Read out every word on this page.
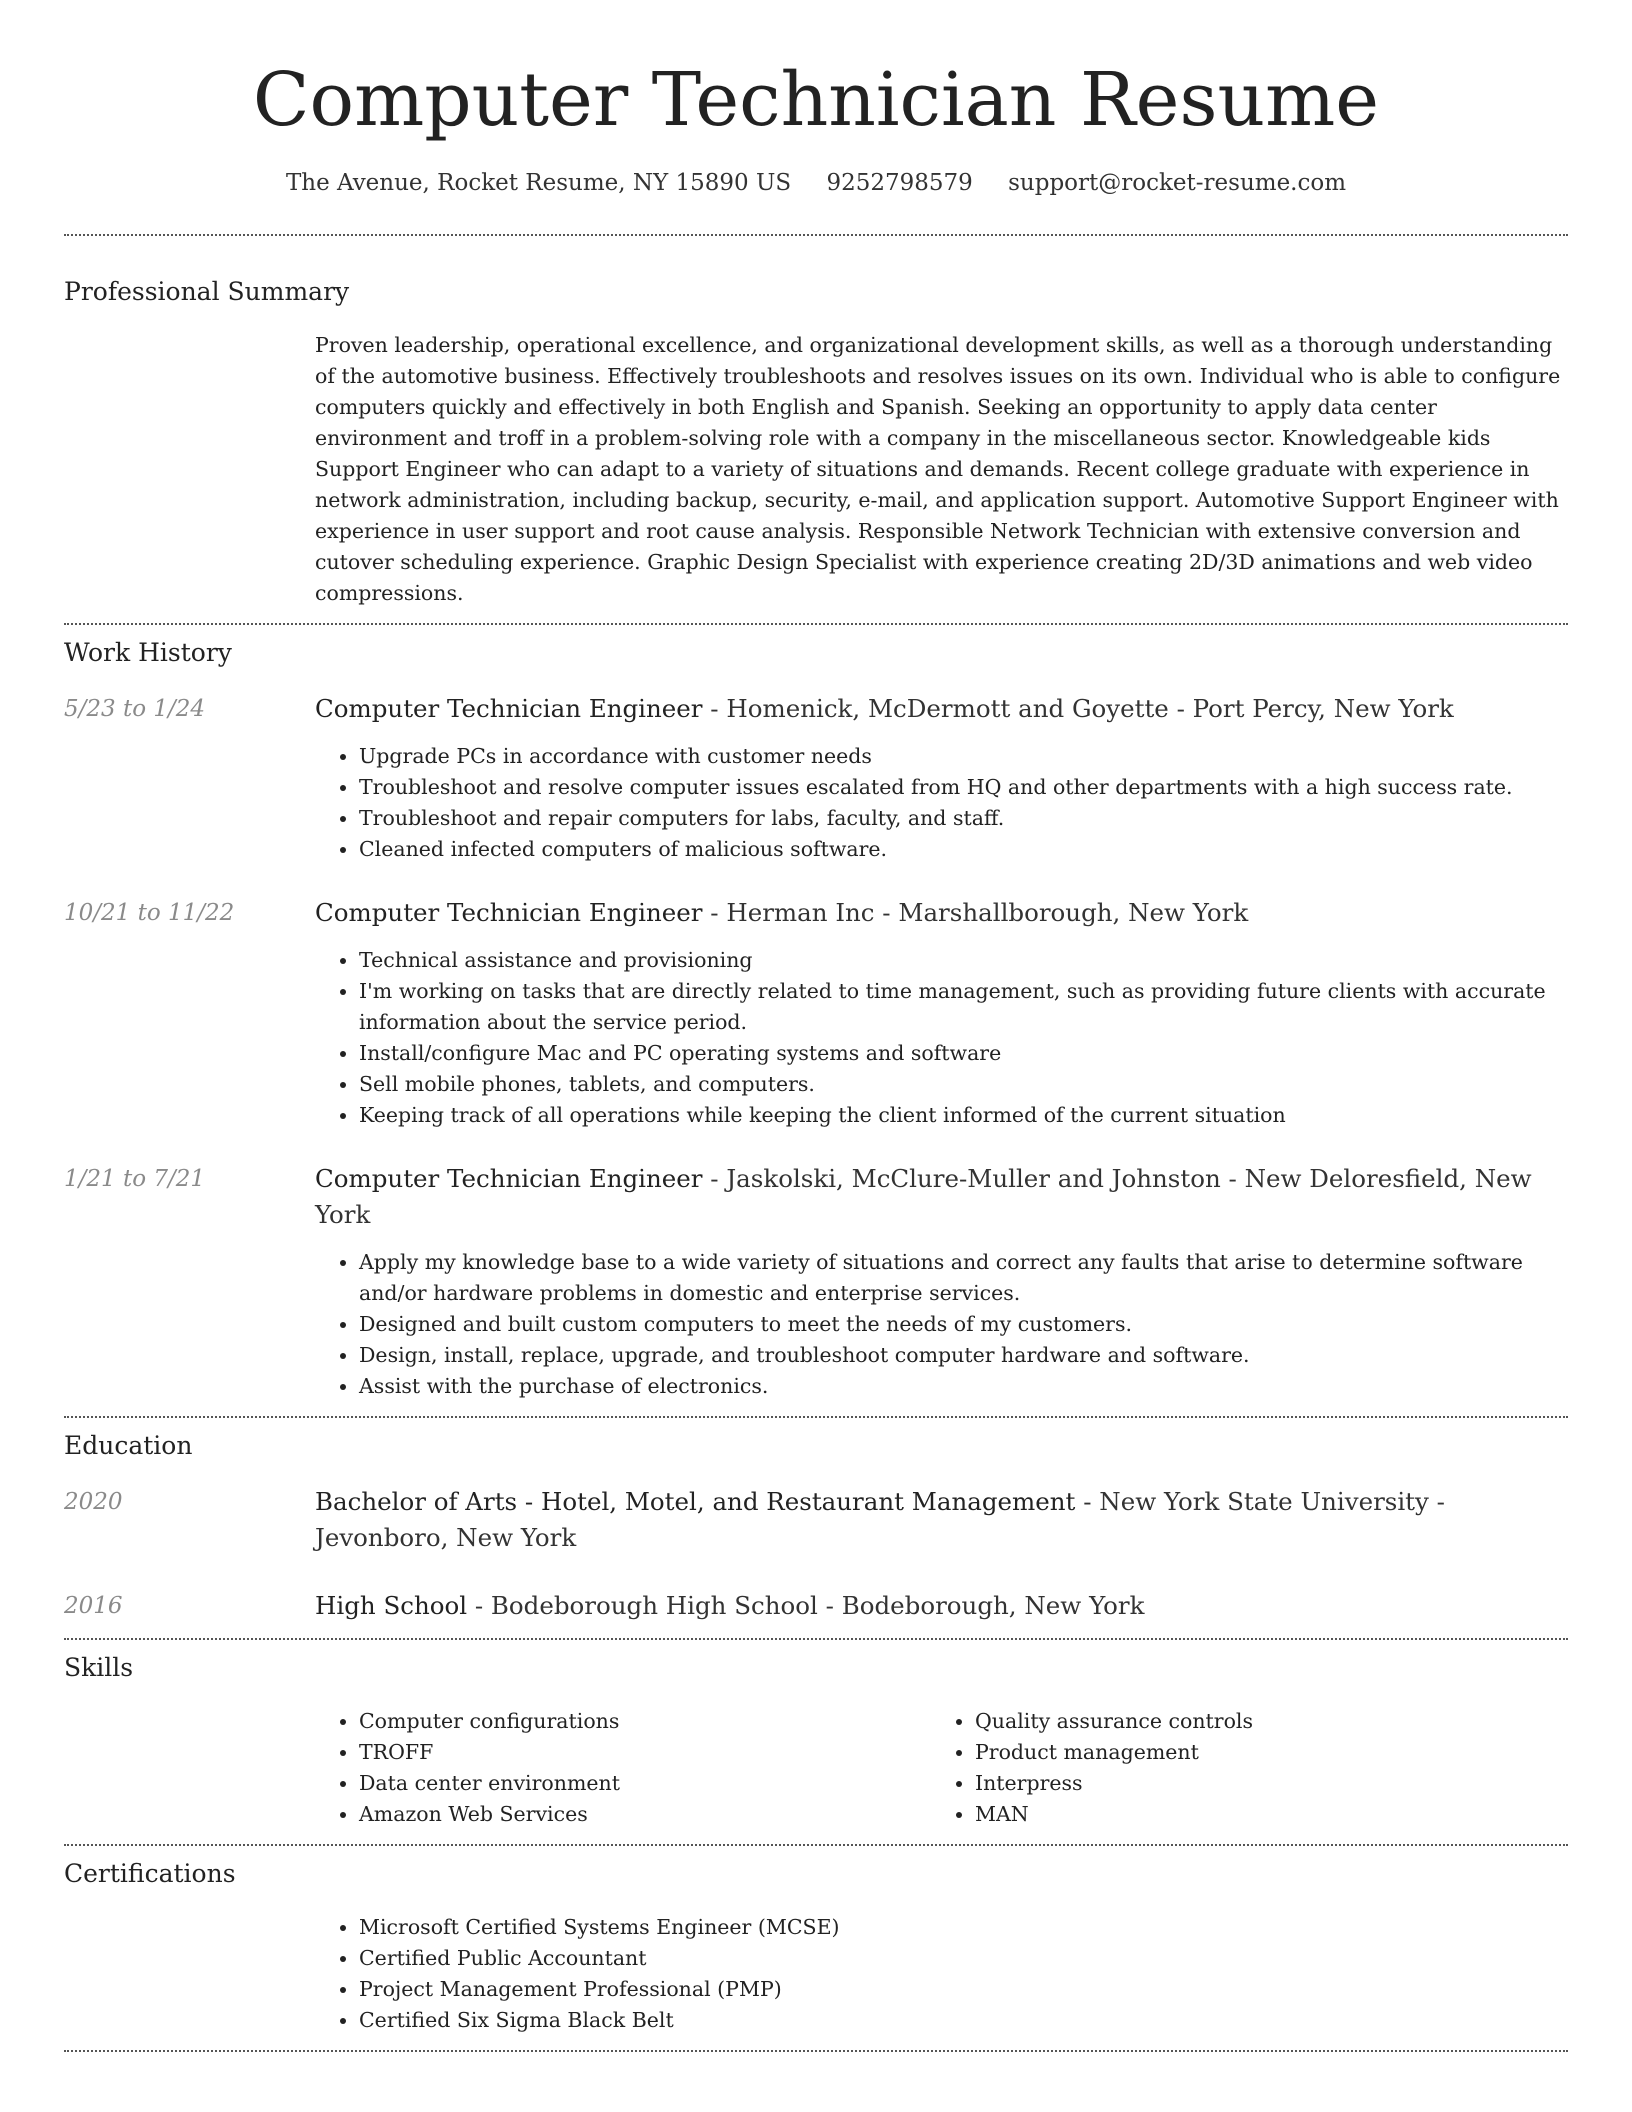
Computer Technician Resume
The Avenue, Rocket Resume, NY 15890 US 9252798579 support@rocket-resume.com
Professional Summary
Proven leadership, operational excellence, and organizational development skills, as well as a thorough understanding of the automotive business. Effectively troubleshoots and resolves issues on its own. Individual who is able to configure computers quickly and effectively in both English and Spanish. Seeking an opportunity to apply data center environment and troff in a problem-solving role with a company in the miscellaneous sector. Knowledgeable kids Support Engineer who can adapt to a variety of situations and demands. Recent college graduate with experience in network administration, including backup, security, e-mail, and application support. Automotive Support Engineer with experience in user support and root cause analysis. Responsible Network Technician with extensive conversion and cutover scheduling experience. Graphic Design Specialist with experience creating 2D/3D animations and web video compressions.
Work History
5/23 to 1/24	Computer Technician Engineer - Homenick, McDermott and Goyette - Port Percy, New York
• Upgrade PCs in accordance with customer needs
• Troubleshoot and resolve computer issues escalated from HQ and other departments with a high success rate.
• Troubleshoot and repair computers for labs, faculty, and staff.
• Cleaned infected computers of malicious software.
10/21 to 11/22	Computer Technician Engineer - Herman Inc - Marshallborough, New York
• Technical assistance and provisioning
• I'm working on tasks that are directly related to time management, such as providing future clients with accurate information about the service period.
• Install/configure Mac and PC operating systems and software
• Sell mobile phones, tablets, and computers.
• Keeping track of all operations while keeping the client informed of the current situation
1/21 to 7/21	Computer Technician Engineer - Jaskolski, McClure-Muller and Johnston - New Deloresfield, New York
• Apply my knowledge base to a wide variety of situations and correct any faults that arise to determine software and/or hardware problems in domestic and enterprise services.
• Designed and built custom computers to meet the needs of my customers.
• Design, install, replace, upgrade, and troubleshoot computer hardware and software.
• Assist with the purchase of electronics.
Education
2020	Bachelor of Arts - Hotel, Motel, and Restaurant Management - New York State University - Jevonboro, New York
2016	High School - Bodeborough High School - Bodeborough, New York
Skills
• Computer configurations
• TROFF
• Data center environment
• Amazon Web Services
• Quality assurance controls
• Product management
• Interpress
• MAN
Certifications
• Microsoft Certified Systems Engineer (MCSE)
• Certified Public Accountant
• Project Management Professional (PMP)
• Certified Six Sigma Black Belt
